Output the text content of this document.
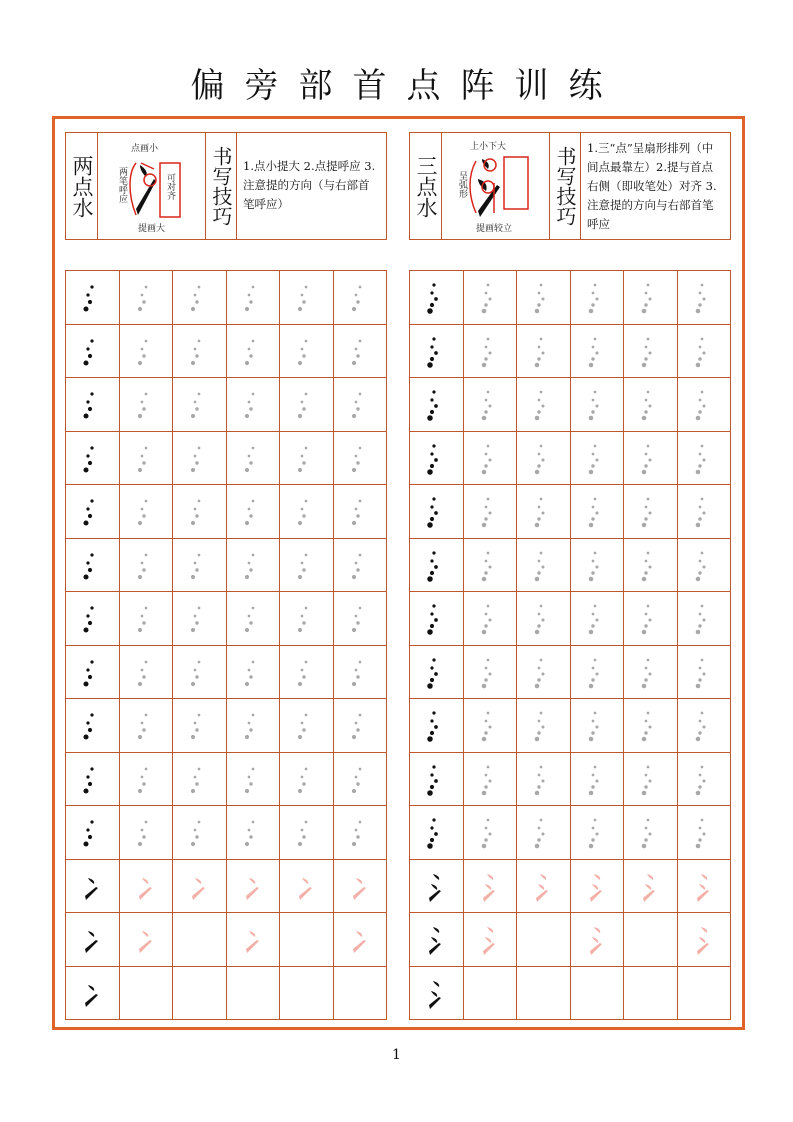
偏旁部首点阵训练
两点水
点画小
两笔呼应	可对齐
提画大
书写技巧 1.点小提大 2.点提呼应 3.注意提的方向（与右部首笔呼应）	三点水
上小下大
呈弧形
提画较立
书写技巧 1.三“点”呈扇形排列（中间点最靠左）2.提与首点 右侧（即收笔处）对齐 3.注意提的方向与右部首笔呼应
1
